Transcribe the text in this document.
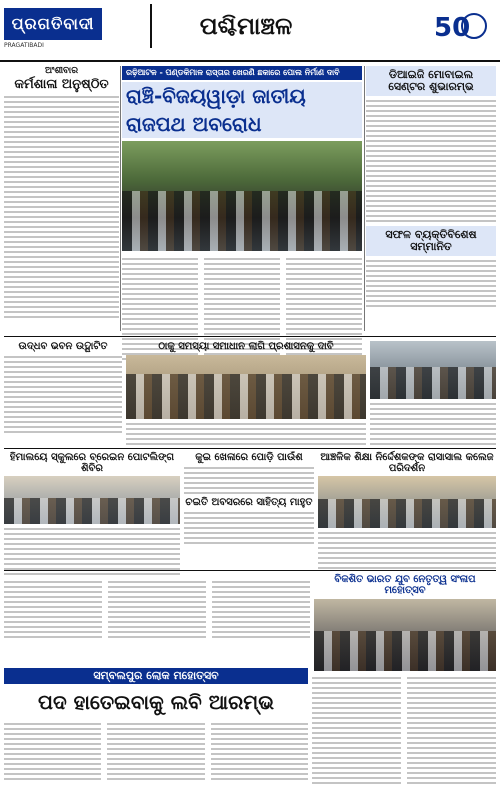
ପ୍ରଗତିବାଦୀ
PRAGATIBADI
ପଶ୍ଚିମାଞ୍ଚଳ	50
ଅଂଶୀବାର
କର୍ମଶାଳା ଅନୁଷ୍ଠିତ
ରଢ଼ିଆଟଳ - ପଣ୍ଡକିମାଳ ରାସ୍ତାର ଖେରଣି ଛକାରେ ପୋଲ ନିର୍ମାଣ ଦାବି
ରାଞ୍ଚି-ବିଜୟୱାଡ଼ା ଜାତୀୟ ରାଜପଥ ଅବରୋଧ
ଡିଆଇଜି ମୋବାଇଲ ସେଣ୍ଟର ଶୁଭାରମ୍ଭ
ସଫଳ ବ୍ୟକ୍ତିବିଶେଷ ସମ୍ମାନିତ
ଉଦ୍ଧବ ଭବନ ଉଦ୍ଘାଟିତ	ଠାକୁ ସମସ୍ୟା ସମାଧାନ ଲାଗି ପ୍ରଶାସନକୁ ଦାବି
ହିମାଲୟେ ସ୍କୁଲରେ ବ୍ରେଇନ ପୋଟଲିଙ୍ଗ ଶିବିର
କୁଇ ଖେଳାରେ ପୋଡ଼ି ପାଉଁଶ
ଚଇତି ଅବସରରେ ସାହିତ୍ୟ ମାହୁତ
ଆଞ୍ଚଳିକ ଶିକ୍ଷା ନିର୍ଦ୍ଦେଶକଙ୍କ ରାସାସାଲ କଲେଜ ପରିଦର୍ଶନ
ବିକଶିତ ଭାରତ ଯୁବ ନେତୃତ୍ୱ ସଂଳାପ ମହୋତ୍ସବ
ସମ୍ବଲପୁର ଲୋକ ମହୋତ୍ସବ
ପଦ ହାତେଇବାକୁ ଲବି ଆରମ୍ଭ
